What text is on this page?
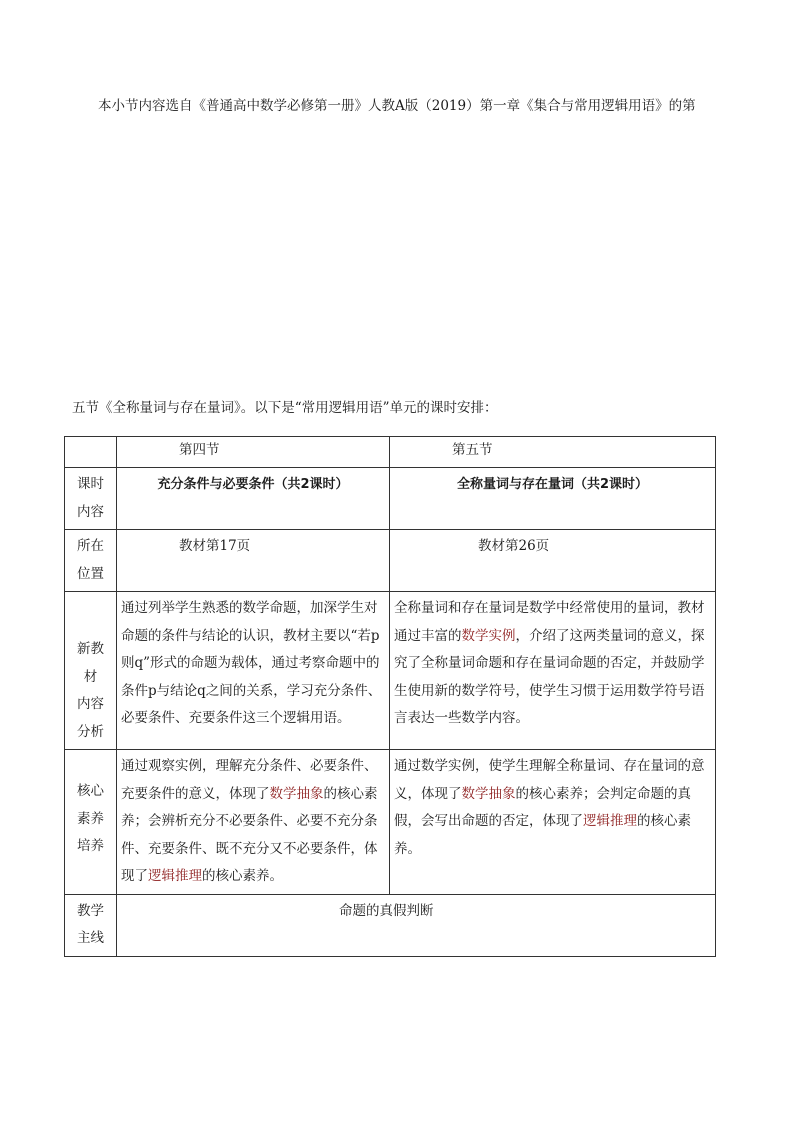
本小节内容选自《普通高中数学必修第一册》人教A版（2019）第一章《集合与常用逻辑用语》的第
五节《全称量词与存在量词》。以下是“常用逻辑用语”单元的课时安排：
	第四节	第五节

课时
内容	充分条件与必要条件（共2课时）	全称量词与存在量词（共2课时）

所在
位置	教材第17页	教材第26页

新教
材
内容
分析	通过列举学生熟悉的数学命题，加深学生对命题的条件与结论的认识，教材主要以“若p则q”形式的命题为载体，通过考察命题中的条件p与结论q之间的关系，学习充分条件、必要条件、充要条件这三个逻辑用语。	全称量词和存在量词是数学中经常使用的量词，教材通过丰富的数学实例，介绍了这两类量词的意义，探究了全称量词命题和存在量词命题的否定，并鼓励学生使用新的数学符号，使学生习惯于运用数学符号语言表达一些数学内容。

核心
素养
培养	通过观察实例，理解充分条件、必要条件、充要条件的意义，体现了数学抽象的核心素养；会辨析充分不必要条件、必要不充分条件、充要条件、既不充分又不必要条件，体现了逻辑推理的核心素养。	通过数学实例，使学生理解全称量词、存在量词的意义，体现了数学抽象的核心素养；会判定命题的真假，会写出命题的否定，体现了逻辑推理的核心素养。

教学
主线	命题的真假判断	
